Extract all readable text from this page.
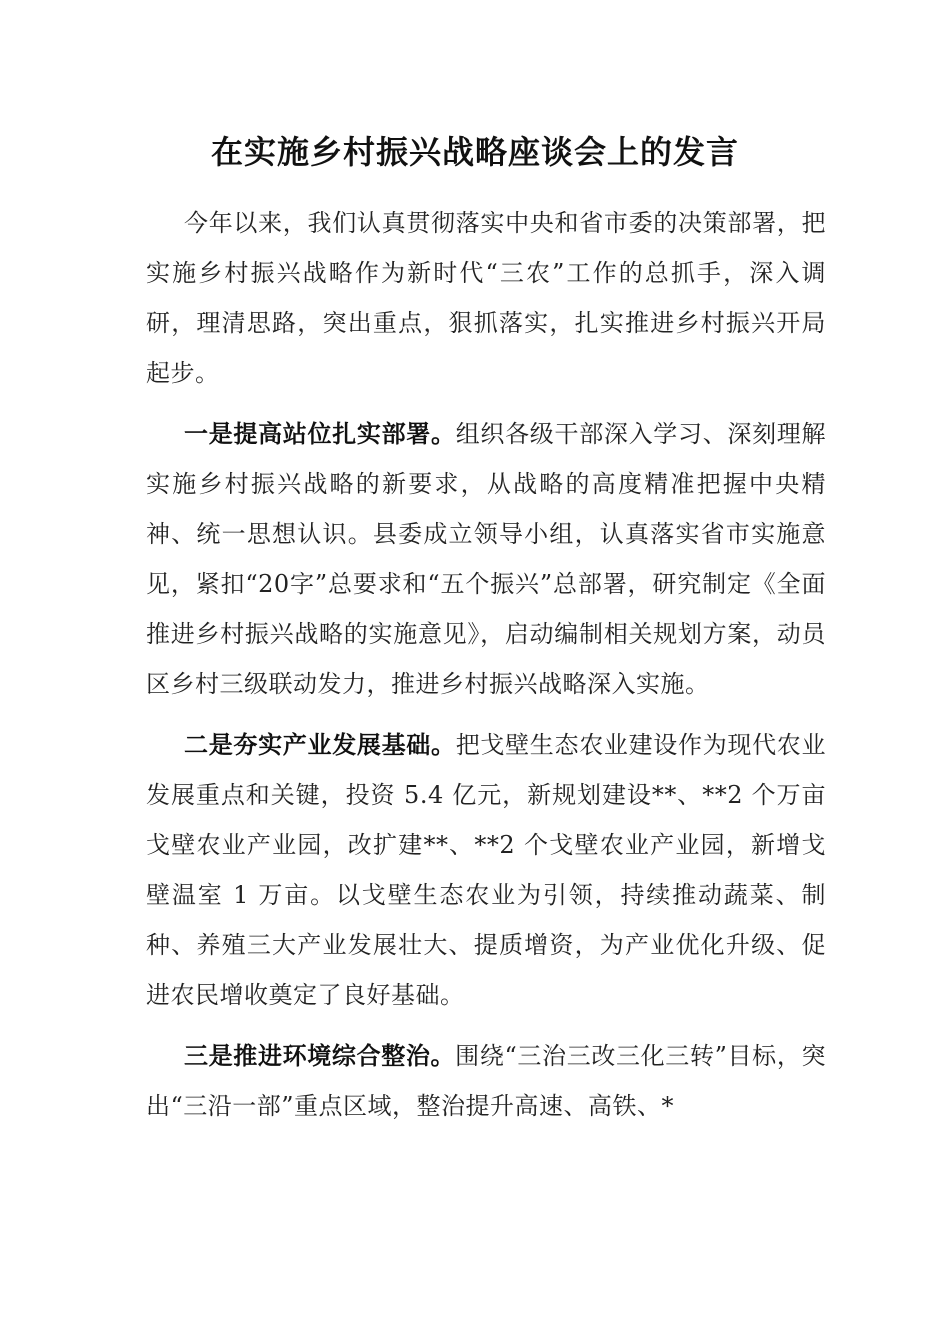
在实施乡村振兴战略座谈会上的发言

今年以来，我们认真贯彻落实中央和省市委的决策部署，把实施乡村振兴战略作为新时代“三农”工作的总抓手，深入调研，理清思路，突出重点，狠抓落实，扎实推进乡村振兴开局起步。

一是提高站位扎实部署。组织各级干部深入学习、深刻理解实施乡村振兴战略的新要求，从战略的高度精准把握中央精神、统一思想认识。县委成立领导小组，认真落实省市实施意见，紧扣“20字”总要求和“五个振兴”总部署，研究制定《全面推进乡村振兴战略的实施意见》，启动编制相关规划方案，动员区乡村三级联动发力，推进乡村振兴战略深入实施。

二是夯实产业发展基础。把戈壁生态农业建设作为现代农业发展重点和关键，投资 5.4 亿元，新规划建设**、**2 个万亩戈壁农业产业园，改扩建**、**2 个戈壁农业产业园，新增戈壁温室 1 万亩。以戈壁生态农业为引领，持续推动蔬菜、制种、养殖三大产业发展壮大、提质增资，为产业优化升级、促进农民增收奠定了良好基础。

三是推进环境综合整治。围绕“三治三改三化三转”目标，突出“三沿一部”重点区域，整治提升高速、高铁、*
